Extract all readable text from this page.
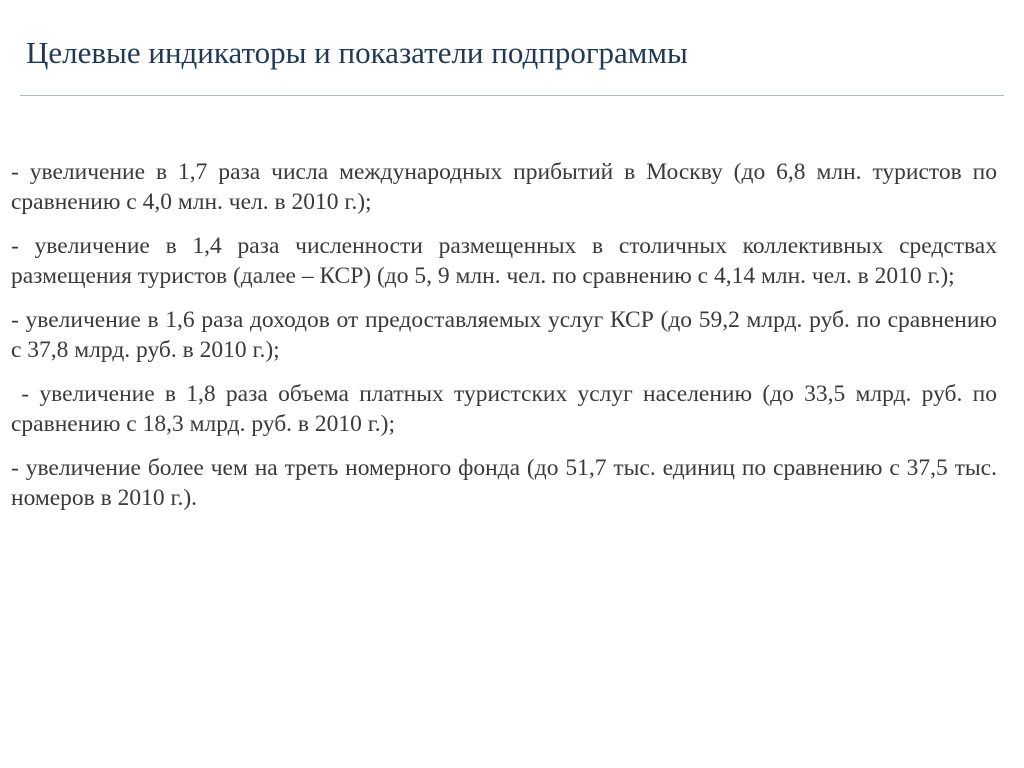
Целевые индикаторы и показатели подпрограммы

- увеличение в 1,7 раза числа международных прибытий в Москву (до 6,8 млн. туристов по сравнению с 4,0 млн. чел. в 2010 г.);

- увеличение в 1,4 раза численности размещенных в столичных коллективных средствах размещения туристов (далее – КСР) (до 5, 9 млн. чел. по сравнению с 4,14 млн. чел. в 2010 г.);

- увеличение в 1,6 раза доходов от предоставляемых услуг КСР (до 59,2 млрд. руб. по сравнению с 37,8 млрд. руб. в 2010 г.);

- увеличение в 1,8 раза объема платных туристских услуг населению (до 33,5 млрд. руб. по сравнению с 18,3 млрд. руб. в 2010 г.);

- увеличение более чем на треть номерного фонда (до 51,7 тыс. единиц по сравнению с 37,5 тыс. номеров в 2010 г.).
